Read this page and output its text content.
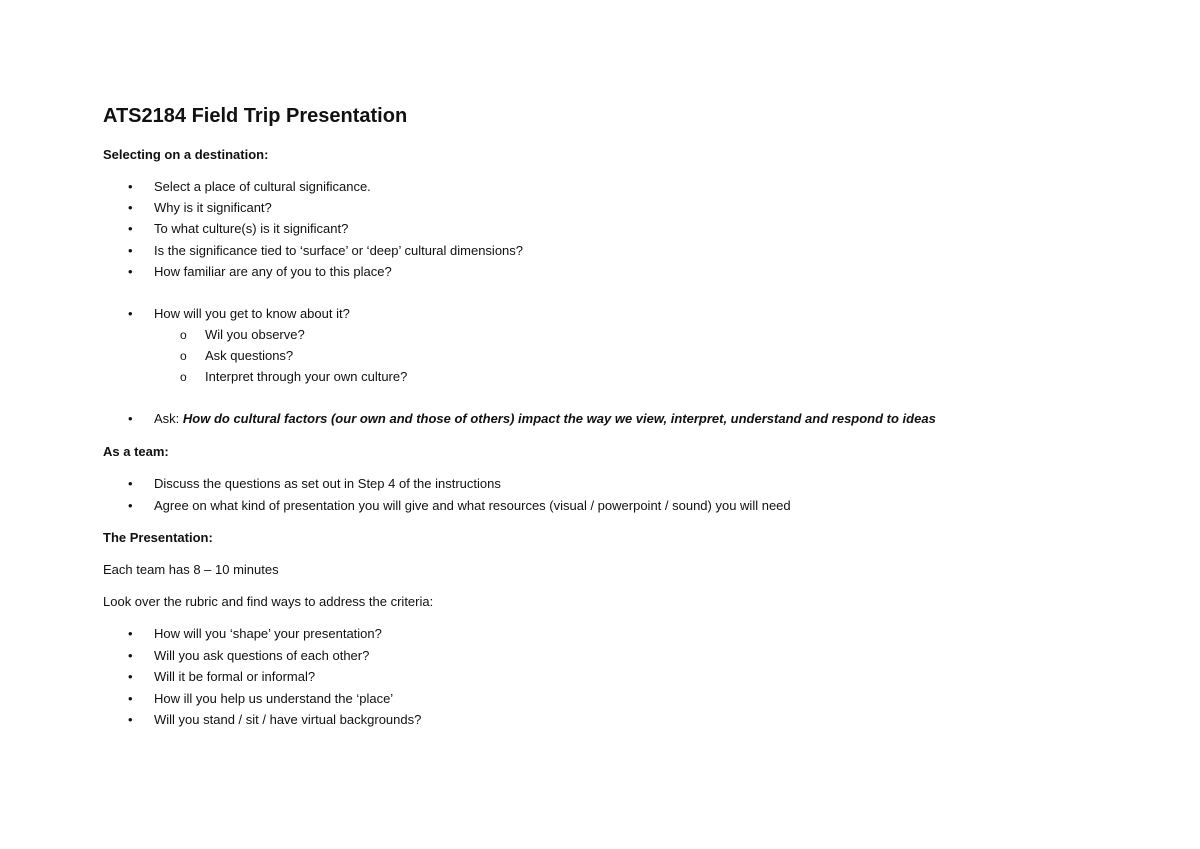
ATS2184 Field Trip Presentation
Selecting on a destination:
•	Select a place of cultural significance.
•	Why is it significant?
•	To what culture(s) is it significant?
•	Is the significance tied to ‘surface’ or ‘deep’ cultural dimensions?
•	How familiar are any of you to this place?
•	How will you get to know about it?
o Wil you observe?
o Ask questions?
o Interpret through your own culture?
•	Ask: How do cultural factors (our own and those of others) impact the way we view, interpret, understand and respond to ideas
As a team:
•	Discuss the questions as set out in Step 4 of the instructions
•	Agree on what kind of presentation you will give and what resources (visual / powerpoint / sound) you will need
The Presentation:
Each team has 8 – 10 minutes
Look over the rubric and find ways to address the criteria:
•	How will you ‘shape’ your presentation?
•	Will you ask questions of each other?
•	Will it be formal or informal?
•	How ill you help us understand the ‘place’
•	Will you stand / sit / have virtual backgrounds?
